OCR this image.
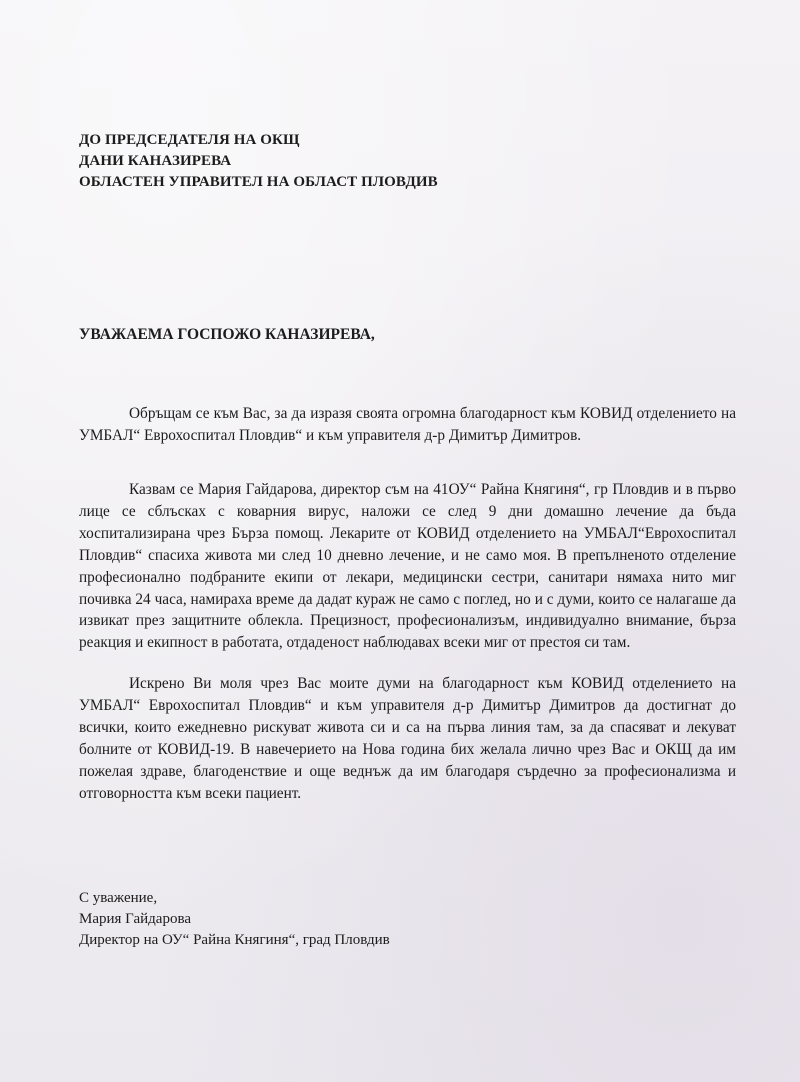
ДО ПРЕДСЕДАТЕЛЯ НА ОКЩ
ДАНИ КАНАЗИРЕВА
ОБЛАСТЕН УПРАВИТЕЛ НА ОБЛАСТ ПЛОВДИВ
УВАЖАЕМА ГОСПОЖО КАНАЗИРЕВА,

Обръщам се към Вас, за да изразя своята огромна благодарност към КОВИД отделението на УМБАЛ“ Еврохоспитал Пловдив“ и към управителя д-р Димитър Димитров.

Казвам се Мария Гайдарова, директор съм на 41ОУ“ Райна Княгиня“, гр Пловдив и в първо лице се сблъсках с коварния вирус, наложи се след 9 дни домашно лечение да бъда хоспитализирана чрез Бърза помощ. Лекарите от КОВИД отделението на УМБАЛ“Еврохоспитал Пловдив“ спасиха живота ми след 10 дневно лечение, и не само моя. В препълненото отделение професионално подбраните екипи от лекари, медицински сестри, санитари нямаха нито миг почивка 24 часа, намираха време да дадат кураж не само с поглед, но и с думи, които се налагаше да извикат през защитните облекла. Прецизност, професионализъм, индивидуално внимание, бърза реакция и екипност в работата, отдаденост наблюдавах всеки миг от престоя си там.

Искрено Ви моля чрез Вас моите думи на благодарност към КОВИД отделението на УМБАЛ“ Еврохоспитал Пловдив“ и към управителя д-р Димитър Димитров да достигнат до всички, които ежедневно рискуват живота си и са на първа линия там, за да спасяват и лекуват болните от КОВИД-19. В навечерието на Нова година бих желала лично чрез Вас и ОКЩ да им пожелая здраве, благоденствие и още веднъж да им благодаря сърдечно за професионализма и отговорността към всеки пациент.

С уважение,
Мария Гайдарова
Директор на ОУ“ Райна Княгиня“, град Пловдив
